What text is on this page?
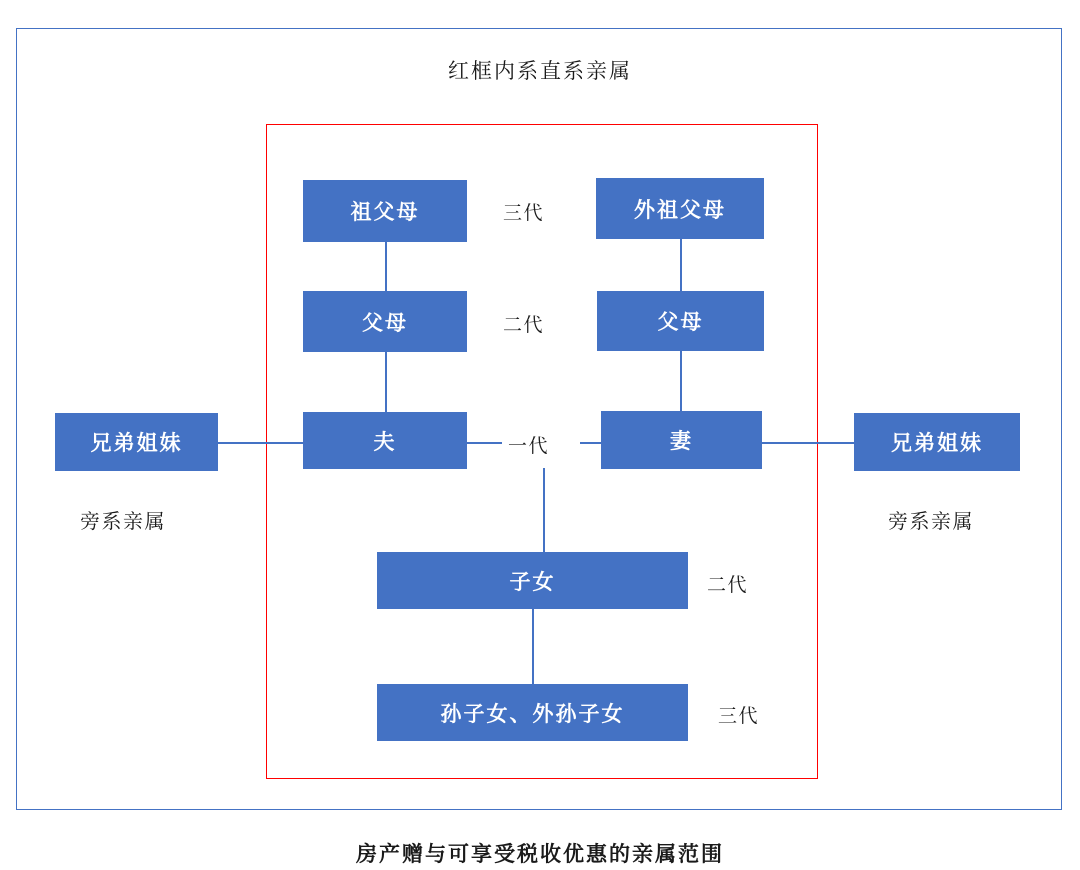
红框内系直系亲属
祖父母	外祖父母
父母	父母
夫	妻
兄弟姐妹	兄弟姐妹
子女
孙子女、外孙子女
三代
二代
一代
二代
三代
旁系亲属	旁系亲属
房产赠与可享受税收优惠的亲属范围
